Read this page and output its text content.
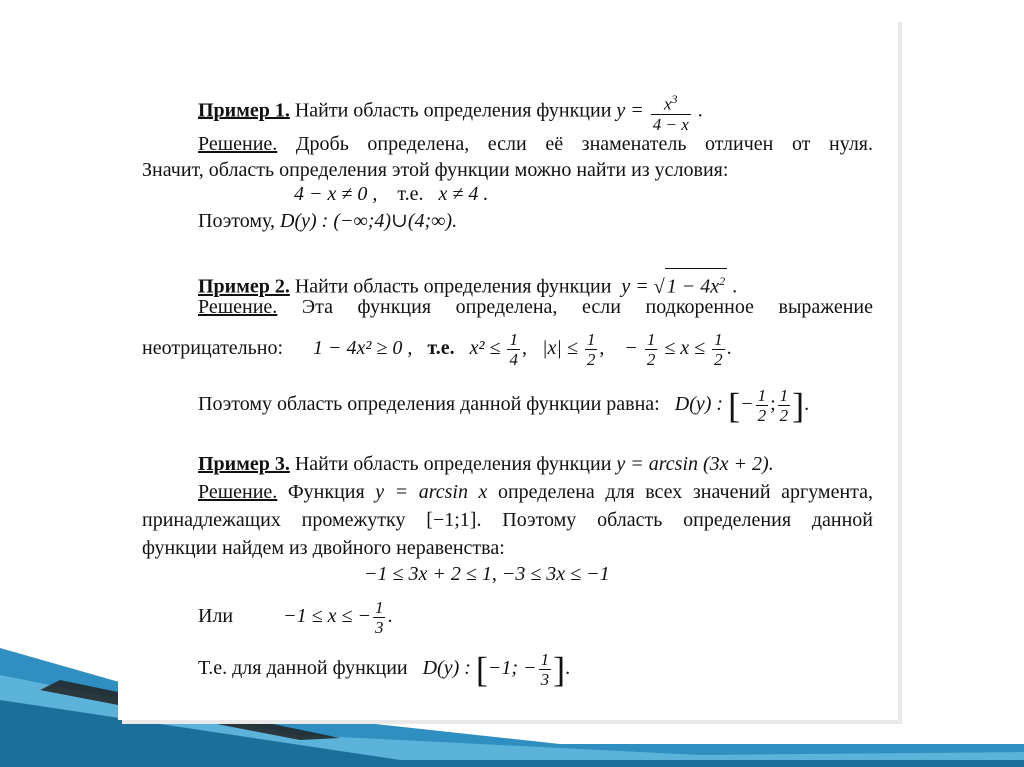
Пример 1. Найти область определения функции $y = \frac{x^3}{4 - x}$ .
Решение. Дробь определена, если её знаменатель отличен от нуля.
Значит, область определения этой функции можно найти из условия:
4 − x ≠ 0 , т.е. x ≠ 4 .
Поэтому, D(y) : (−∞;4)∪(4;∞).
Пример 2. Найти область определения функции y = √ $1 - 4x^2$ .
Решение. Эта функция определена, если подкоренное выражение
неотрицательно: 1 − 4x² ≥ 0 , т.е. $x^2 \le \frac{1}{4}$ , $|x| \le \frac{1}{2}$ , − $\frac{1}{2} \le x \le \frac{1}{2}$ .
Поэтому область определения данной функции равна: D(y) : [− $\frac{1}{2}$ ; $\frac{1}{2}$ ].
Пример 3. Найти область определения функции y = arcsin (3x + 2).
Решение. Функция y = arcsin x определена для всех значений аргумента,
принадлежащих промежутку [−1;1]. Поэтому область определения данной
функции найдем из двойного неравенства:
−1 ≤ 3x + 2 ≤ 1, −3 ≤ 3x ≤ −1
Или	−1 ≤ x ≤ − $\frac{1}{3}$ .
Т.е. для данной функции D(y) : [−1; − $\frac{1}{3}$ ].
